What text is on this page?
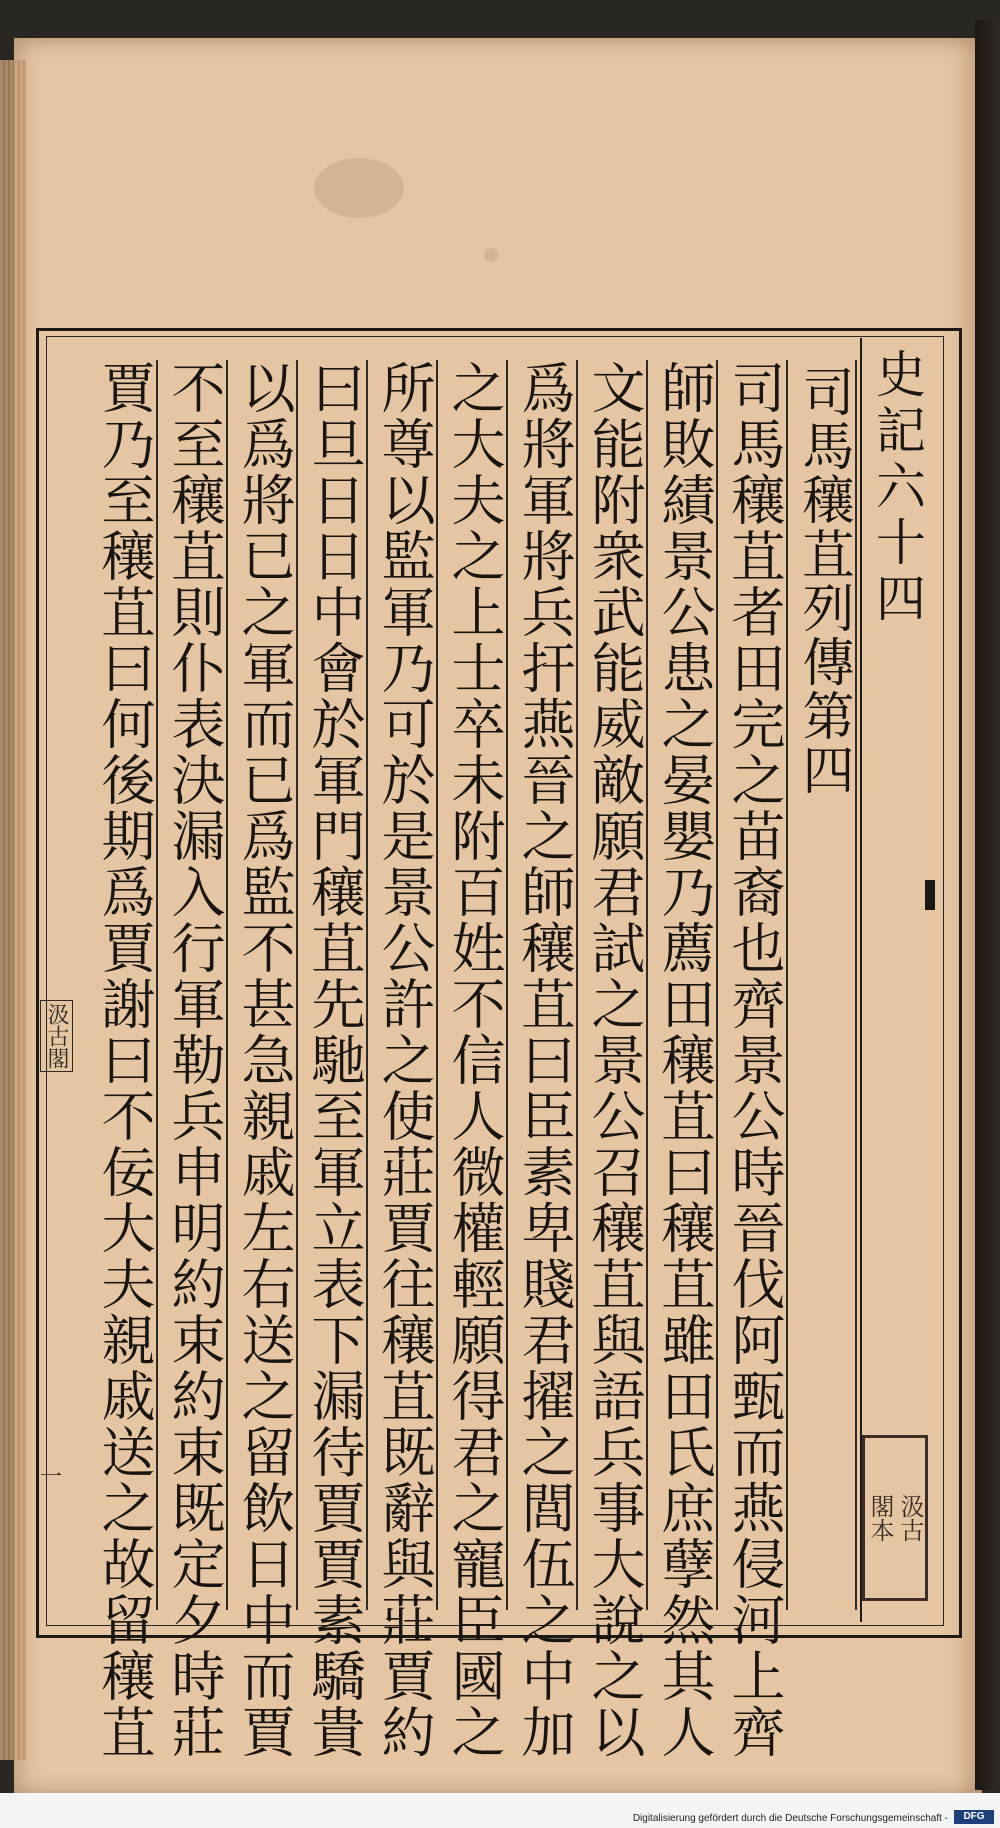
史記六十四
司馬穰苴列傳第四
司馬穰苴者田完之苗裔也齊景公時晉伐阿甄而燕侵河上齊
師敗績景公患之晏嬰乃薦田穰苴曰穰苴雖田氏庶孽然其人
文能附衆武能威敵願君試之景公召穰苴與語兵事大說之以
爲將軍將兵扞燕晉之師穰苴曰臣素卑賤君擢之閭伍之中加
之大夫之上士卒未附百姓不信人微權輕願得君之寵臣國之
所尊以監軍乃可於是景公許之使莊賈往穰苴既辭與莊賈約
曰旦日日中會於軍門穰苴先馳至軍立表下漏待賈賈素驕貴
以爲將已之軍而已爲監不甚急親戚左右送之留飲日中而賈
不至穰苴則仆表決漏入行軍勒兵申明約束約束既定夕時莊
賈乃至穰苴曰何後期爲賈謝曰不佞大夫親戚送之故留穰苴	汲古
閣本
汲古閣
一
Digitalisierung gefördert durch die Deutsche Forschungsgemeinschaft -	DFG
